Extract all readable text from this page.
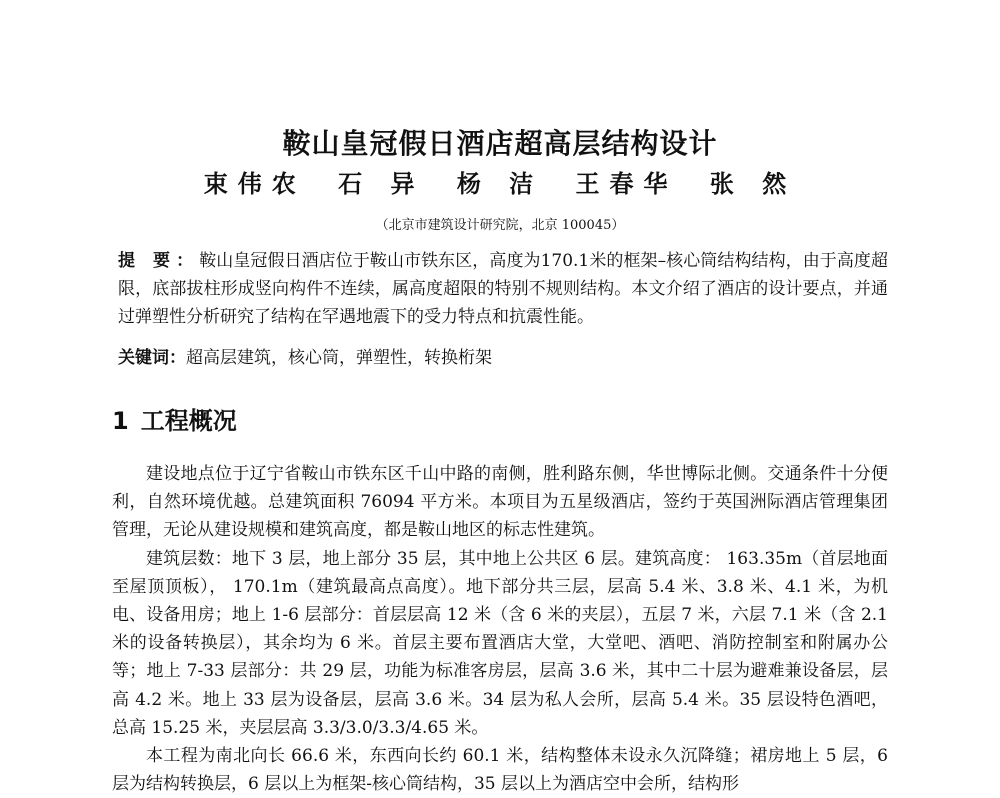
鞍山皇冠假日酒店超高层结构设计
束伟农 石 异 杨 洁 王春华 张 然
（北京市建筑设计研究院，北京 100045）
提 要：鞍山皇冠假日酒店位于鞍山市铁东区，高度为170.1米的框架–核心筒结构结构，由于高度超限，底部拔柱形成竖向构件不连续，属高度超限的特别不规则结构。本文介绍了酒店的设计要点，并通过弹塑性分析研究了结构在罕遇地震下的受力特点和抗震性能。
关键词：超高层建筑，核心筒，弹塑性，转换桁架
1 工程概况

建设地点位于辽宁省鞍山市铁东区千山中路的南侧，胜利路东侧，华世博际北侧。交通条件十分便利，自然环境优越。总建筑面积 76094 平方米。本项目为五星级酒店，签约于英国洲际酒店管理集团管理，无论从建设规模和建筑高度，都是鞍山地区的标志性建筑。

建筑层数：地下 3 层，地上部分 35 层，其中地上公共区 6 层。建筑高度： 163.35m（首层地面至屋顶顶板）， 170.1m（建筑最高点高度）。地下部分共三层，层高 5.4 米、3.8 米、4.1 米，为机电、设备用房；地上 1-6 层部分：首层层高 12 米（含 6 米的夹层），五层 7 米，六层 7.1 米（含 2.1 米的设备转换层），其余均为 6 米。首层主要布置酒店大堂，大堂吧、酒吧、消防控制室和附属办公等；地上 7-33 层部分：共 29 层，功能为标准客房层，层高 3.6 米，其中二十层为避难兼设备层，层高 4.2 米。地上 33 层为设备层，层高 3.6 米。34 层为私人会所，层高 5.4 米。35 层设特色酒吧，总高 15.25 米，夹层层高 3.3/3.0/3.3/4.65 米。

本工程为南北向长 66.6 米，东西向长约 60.1 米，结构整体未设永久沉降缝；裙房地上 5 层，6 层为结构转换层，6 层以上为框架-核心筒结构，35 层以上为酒店空中会所，结构形
